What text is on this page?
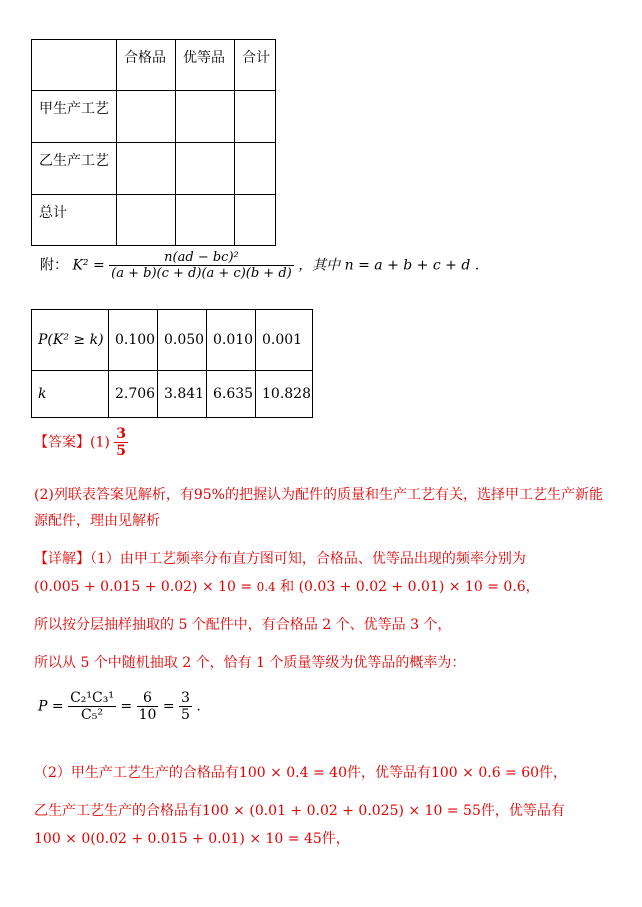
	合格品	优等品	合计

甲生产工艺			

乙生产工艺			

总计			

附： $K^2 = \frac{\text{n(ad − bc)²}}{(a + b)(c + d)(a + c)(b + d)}$ ，其中 n = a + b + c + d .
P(K² ≥ k)	0.100	0.050	0.010	0.001

k	2.706	3.841	6.635	10.828
【答案】$(1) \frac{3}{5}$
(2)列联表答案见解析，有95%的把握认为配件的质量和生产工艺有关，选择甲工艺生产新能
源配件，理由见解析
【详解】（1）由甲工艺频率分布直方图可知，合格品、优等品出现的频率分别为
(0.005 + 0.015 + 0.02) × 10 = 0.4 和 (0.03 + 0.02 + 0.01) × 10 = 0.6，
所以按分层抽样抽取的 5 个配件中，有合格品 2 个、优等品 3 个，
所以从 5 个中随机抽取 2 个，恰有 1 个质量等级为优等品的概率为：
$P = \frac{\text{C₂¹C₃¹}}{\text{C₅²}} = \frac{6}{10} = \frac{3}{5}$ .
（2）甲生产工艺生产的合格品有100 × 0.4 = 40件，优等品有100 × 0.6 = 60件，
乙生产工艺生产的合格品有100 × (0.01 + 0.02 + 0.025) × 10 = 55件，优等品有
100 × 0(0.02 + 0.015 + 0.01) × 10 = 45件，
